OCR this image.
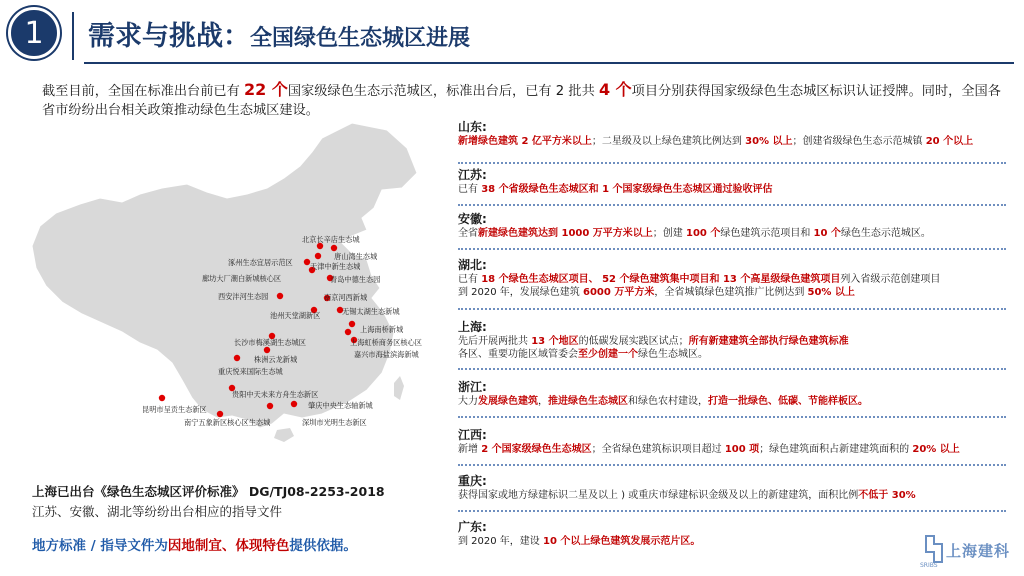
1	需求与挑战：全国绿色生态城区进展
截至目前，全国在标准出台前已有 22 个国家级绿色生态示范城区，标准出台后，已有 2 批共 4 个项目分别获得国家级绿色生态城区标识认证授牌。同时，全国各省市纷纷出台相关政策推动绿色生态城区建设。
北京长辛店生态城
唐山湾生态城
涿州生态宜居示范区 天津中新生态城
廊坊大厂潮白新城核心区	青岛中德生态园
西安沣河生态园	南京河西新城
无锡太湖生态新城
池州天堂湖新区
上海南桥新城
长沙市梅溪湖生态城区	上海虹桥商务区核心区
株洲云龙新城
嘉兴市海盐滨海新城
重庆悦来国际生态城
贵阳中天未来方舟生态新区
肇庆中央生态轴新城
昆明市呈贡生态新区
南宁五象新区核心区生态城	深圳市光明生态新区
上海已出台《绿色生态城区评价标准》 DG/TJ08-2253-2018
江苏、安徽、湖北等纷纷出台相应的指导文件
地方标准 / 指导文件为因地制宜、体现特色提供依据。
山东:
新增绿色建筑 2 亿平方米以上；二星级及以上绿色建筑比例达到 30% 以上；创建省级绿色生态示范城镇 20 个以上
江苏:
已有 38 个省级绿色生态城区和 1 个国家级绿色生态城区通过验收评估
安徽:
全省新建绿色建筑达到 1000 万平方米以上；创建 100 个绿色建筑示范项目和 10 个绿色生态示范城区。
湖北:
已有 18 个绿色生态城区项目、 52 个绿色建筑集中项目和 13 个高星级绿色建筑项目列入省级示范创建项目
到 2020 年，发展绿色建筑 6000 万平方米，全省城镇绿色建筑推广比例达到 50% 以上
上海:
先后开展两批共 13 个地区的低碳发展实践区试点；所有新建建筑全部执行绿色建筑标准
各区、重要功能区域管委会至少创建一个绿色生态城区。
浙江:
大力发展绿色建筑，推进绿色生态城区和绿色农村建设，打造一批绿色、低碳、节能样板区。
江西:
新增 2 个国家级绿色生态城区；全省绿色建筑标识项目超过 100 项；绿色建筑面积占新建建筑面积的 20% 以上
重庆:
获得国家或地方绿建标识二星及以上 ) 或重庆市绿建标识金级及以上的新建建筑，面积比例不低于 30%
广东:
到 2020 年，建设 10 个以上绿色建筑发展示范片区。
上海建科
SRIBS
